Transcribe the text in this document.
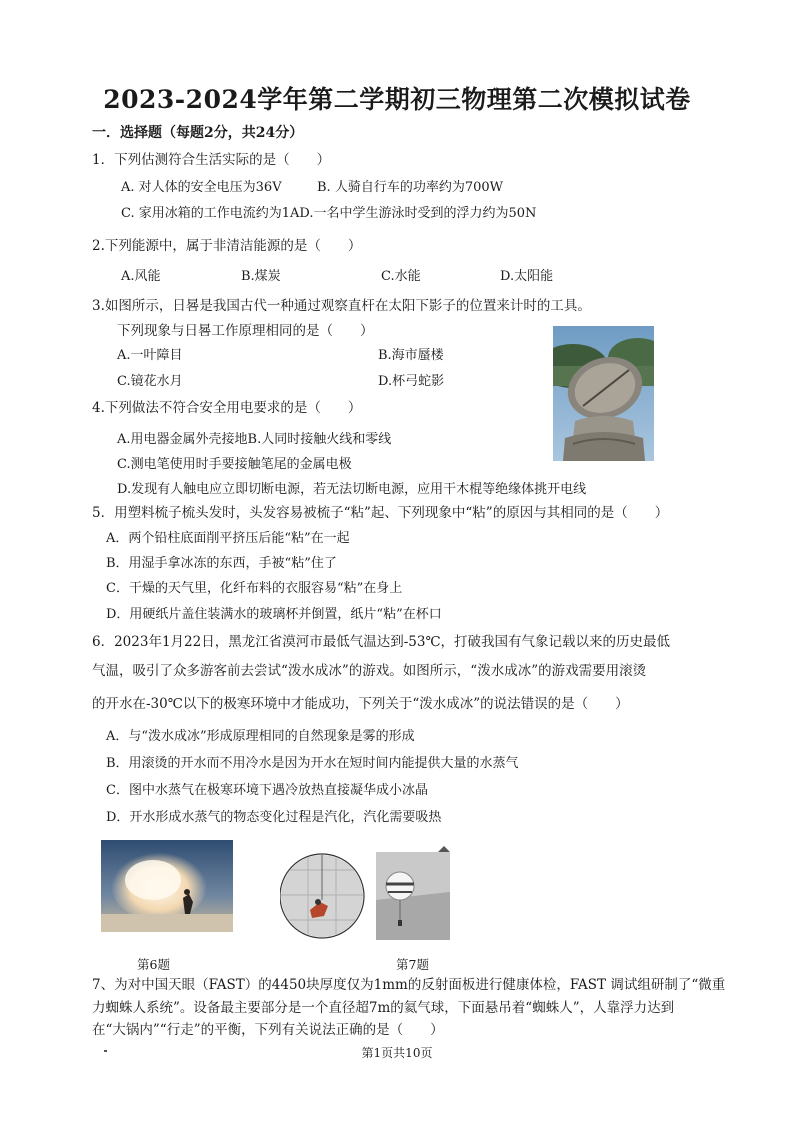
2023-2024学年第二学期初三物理第二次模拟试卷
一．选择题（每题2分，共24分）
1．下列估测符合生活实际的是（　　）
A. 对人体的安全电压为36V	B. 人骑自行车的功率约为700W
C. 家用冰箱的工作电流约为1AD.一名中学生游泳时受到的浮力约为50N
2.下列能源中，属于非清洁能源的是（　　）
A.风能	B.煤炭	C.水能	D.太阳能
3.如图所示，日晷是我国古代一种通过观察直杆在太阳下影子的位置来计时的工具。
下列现象与日晷工作原理相同的是（　　）
A.一叶障目	B.海市蜃楼
C.镜花水月	D.杯弓蛇影
4.下列做法不符合安全用电要求的是（　　）
A.用电器金属外壳接地B.人同时接触火线和零线
C.测电笔使用时手要接触笔尾的金属电极
D.发现有人触电应立即切断电源，若无法切断电源，应用干木棍等绝缘体挑开电线
5．用塑料梳子梳头发时，头发容易被梳子“粘”起、下列现象中“粘”的原因与其相同的是（　　）
A．两个铅柱底面削平挤压后能“粘”在一起
B．用湿手拿冰冻的东西，手被“粘”住了
C．干燥的天气里，化纤布料的衣服容易“粘”在身上
D．用硬纸片盖住装满水的玻璃杯并倒置，纸片“粘”在杯口
6．2023年1月22日，黑龙江省漠河市最低气温达到-53℃，打破我国有气象记载以来的历史最低
气温，吸引了众多游客前去尝试“泼水成冰”的游戏。如图所示，“泼水成冰”的游戏需要用滚烫
的开水在-30℃以下的极寒环境中才能成功，下列关于“泼水成冰”的说法错误的是（　　）
A．与“泼水成冰”形成原理相同的自然现象是雾的形成
B．用滚烫的开水而不用冷水是因为开水在短时间内能提供大量的水蒸气
C．图中水蒸气在极寒环境下遇冷放热直接凝华成小冰晶
D．开水形成水蒸气的物态变化过程是汽化，汽化需要吸热
第6题	第7题
7、为对中国天眼（FAST）的4450块厚度仅为1mm的反射面板进行健康体检，FAST 调试组研制了“微重
力蜘蛛人系统”。设备最主要部分是一个直径超7m的氦气球，下面悬吊着“蜘蛛人”，人靠浮力达到
在“大锅内”“行走”的平衡，下列有关说法正确的是（　　）
第1页共10页
